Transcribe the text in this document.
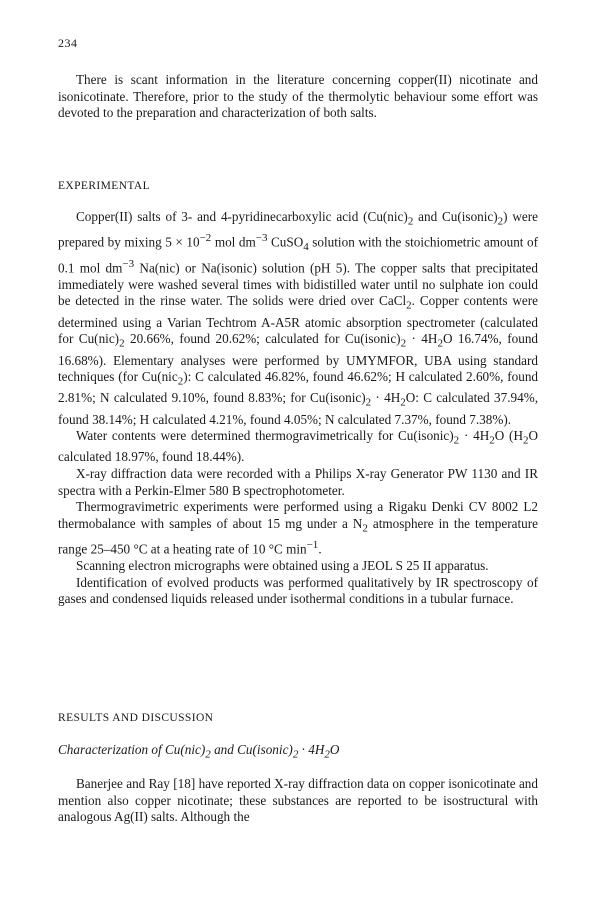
234

There is scant information in the literature concerning copper(II) nicotinate and isonicotinate. Therefore, prior to the study of the thermolytic behaviour some effort was devoted to the preparation and characterization of both salts.

EXPERIMENTAL

Copper(II) salts of 3- and 4-pyridinecarboxylic acid ($Cu(nic)_2$ and $Cu(isonic)_2$) were prepared by mixing $5 \times 10^{-2}$ mol $dm^{-3}$ CuSO$_4$ solution with the stoichiometric amount of 0.1 mol $dm^{-3}$ Na(nic) or Na(isonic) solution (pH 5). The copper salts that precipitated immediately were washed several times with bidistilled water until no sulphate ion could be detected in the rinse water. The solids were dried over CaCl$_2$. Copper contents were determined using a Varian Techtrom A-A5R atomic absorption spectrometer (calculated for $Cu(nic)_2$ 20.66%, found 20.62%; calculated for $Cu(isonic)_2 \cdot 4H_2O$ 16.74%, found 16.68%). Elementary analyses were performed by UMYMFOR, UBA using standard techniques (for Cu(nic$_2$): C calculated 46.82%, found 46.62%; H calculated 2.60%, found 2.81%; N calculated 9.10%, found 8.83%; for $Cu(isonic)_2 \cdot 4H_2O$: C calculated 37.94%, found 38.14%; H calculated 4.21%, found 4.05%; N calculated 7.37%, found 7.38%).

Water contents were determined thermogravimetrically for $Cu(isonic)_2 \cdot 4H_2O$ ($H_2O$ calculated 18.97%, found 18.44%).

X-ray diffraction data were recorded with a Philips X-ray Generator PW 1130 and IR spectra with a Perkin-Elmer 580 B spectrophotometer.

Thermogravimetric experiments were performed using a Rigaku Denki CV 8002 L2 thermobalance with samples of about 15 mg under a $N_2$ atmosphere in the temperature range 25–450 °C at a heating rate of 10 °C $\min^{-1}$.

Scanning electron micrographs were obtained using a JEOL S 25 II apparatus.

Identification of evolved products was performed qualitatively by IR spectroscopy of gases and condensed liquids released under isothermal conditions in a tubular furnace.

RESULTS AND DISCUSSION
Characterization of $Cu(nic)_2$ and $Cu(isonic)_2 \cdot 4H_2O$

Banerjee and Ray [18] have reported X-ray diffraction data on copper isonicotinate and mention also copper nicotinate; these substances are reported to be isostructural with analogous Ag(II) salts. Although the
